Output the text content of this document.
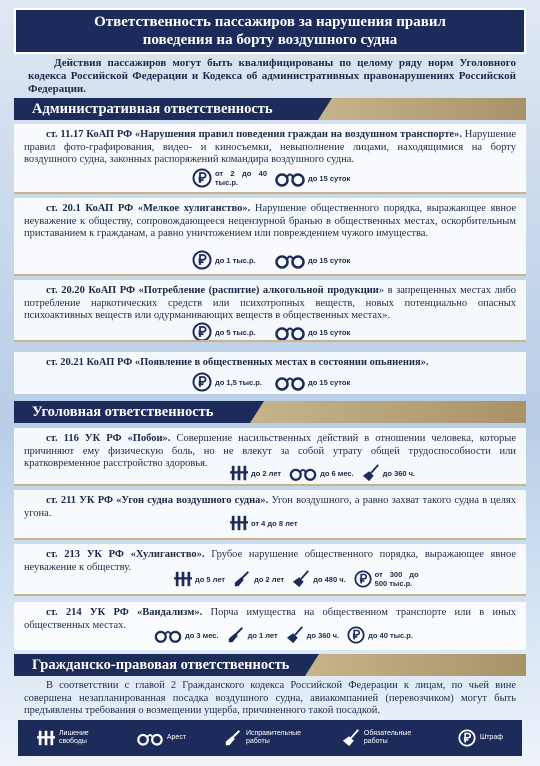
Ответственность пассажиров за нарушения правил
поведения на борту воздушного судна
Действия пассажиров могут быть квалифицированы по целому ряду норм Уголовного кодекса Российской Федерации и Кодекса об административных правонарушениях Российской Федерации.
Административная ответственность
ст. 11.17 КоАП РФ «Нарушения правил поведения граждан на воздушном транспорте». Нарушение правил фото-графирования, видео- и киносъемки, невыполнение лицами, находящимися на борту воздушного судна, законных распоряжений командира воздушного судна.
от 2 до 40 тыс.р.	до 15 суток
ст. 20.1 КоАП РФ «Мелкое хулиганство». Нарушение общественного порядка, выражающее явное неуважение к обществу, сопровождающееся нецензурной бранью в общественных местах, оскорбительным приставанием к гражданам, а равно уничтожением или повреждением чужого имущества.
до 1 тыс.р.	до 15 суток
ст. 20.20 КоАП РФ «Потребление (распитие) алкогольной продукции» в запрещенных местах либо потребление наркотических средств или психотропных веществ, новых потенциально опасных психоактивных веществ или одурманивающих веществ в общественных местах».
до 5 тыс.р.	до 15 суток
ст. 20.21 КоАП РФ «Появление в общественных местах в состоянии опьянения».
до 1,5 тыс.р.	до 15 суток
Уголовная ответственность
ст. 116 УК РФ «Побои». Совершение насильственных действий в отношении человека, которые причиняют ему физическую боль, но не влекут за собой утрату общей трудоспособности или кратковременное расстройство здоровья.
до 2 лет	до 6 мес.	до 360 ч.
ст. 211 УК РФ «Угон судна воздушного судна». Угон воздушного, а равно захват такого судна в целях угона.
от 4 до 8 лет
ст. 213 УК РФ «Хулиганство». Грубое нарушение общественного порядка, выражающее явное неуважение к обществу.
до 5 лет	до 2 лет	до 480 ч.	от 300 до 500 тыс.р.
ст. 214 УК РФ «Вандализм». Порча имущества на общественном транспорте или в иных общественных местах.
до 3 мес.	до 1 лет	до 360 ч.	до 40 тыс.р.
Гражданско-правовая ответственность
В соответствии с главой 2 Гражданского кодекса Российской Федерации к лицам, по чьей вине совершена незапланированная посадка воздушного судна, авиакомпанией (перевозчиком) могут быть предъявлены требования о возмещении ущерба, причиненного такой посадкой.
Лишение свободы
Арест
Исправительные работы
Обязательные работы
Штраф
